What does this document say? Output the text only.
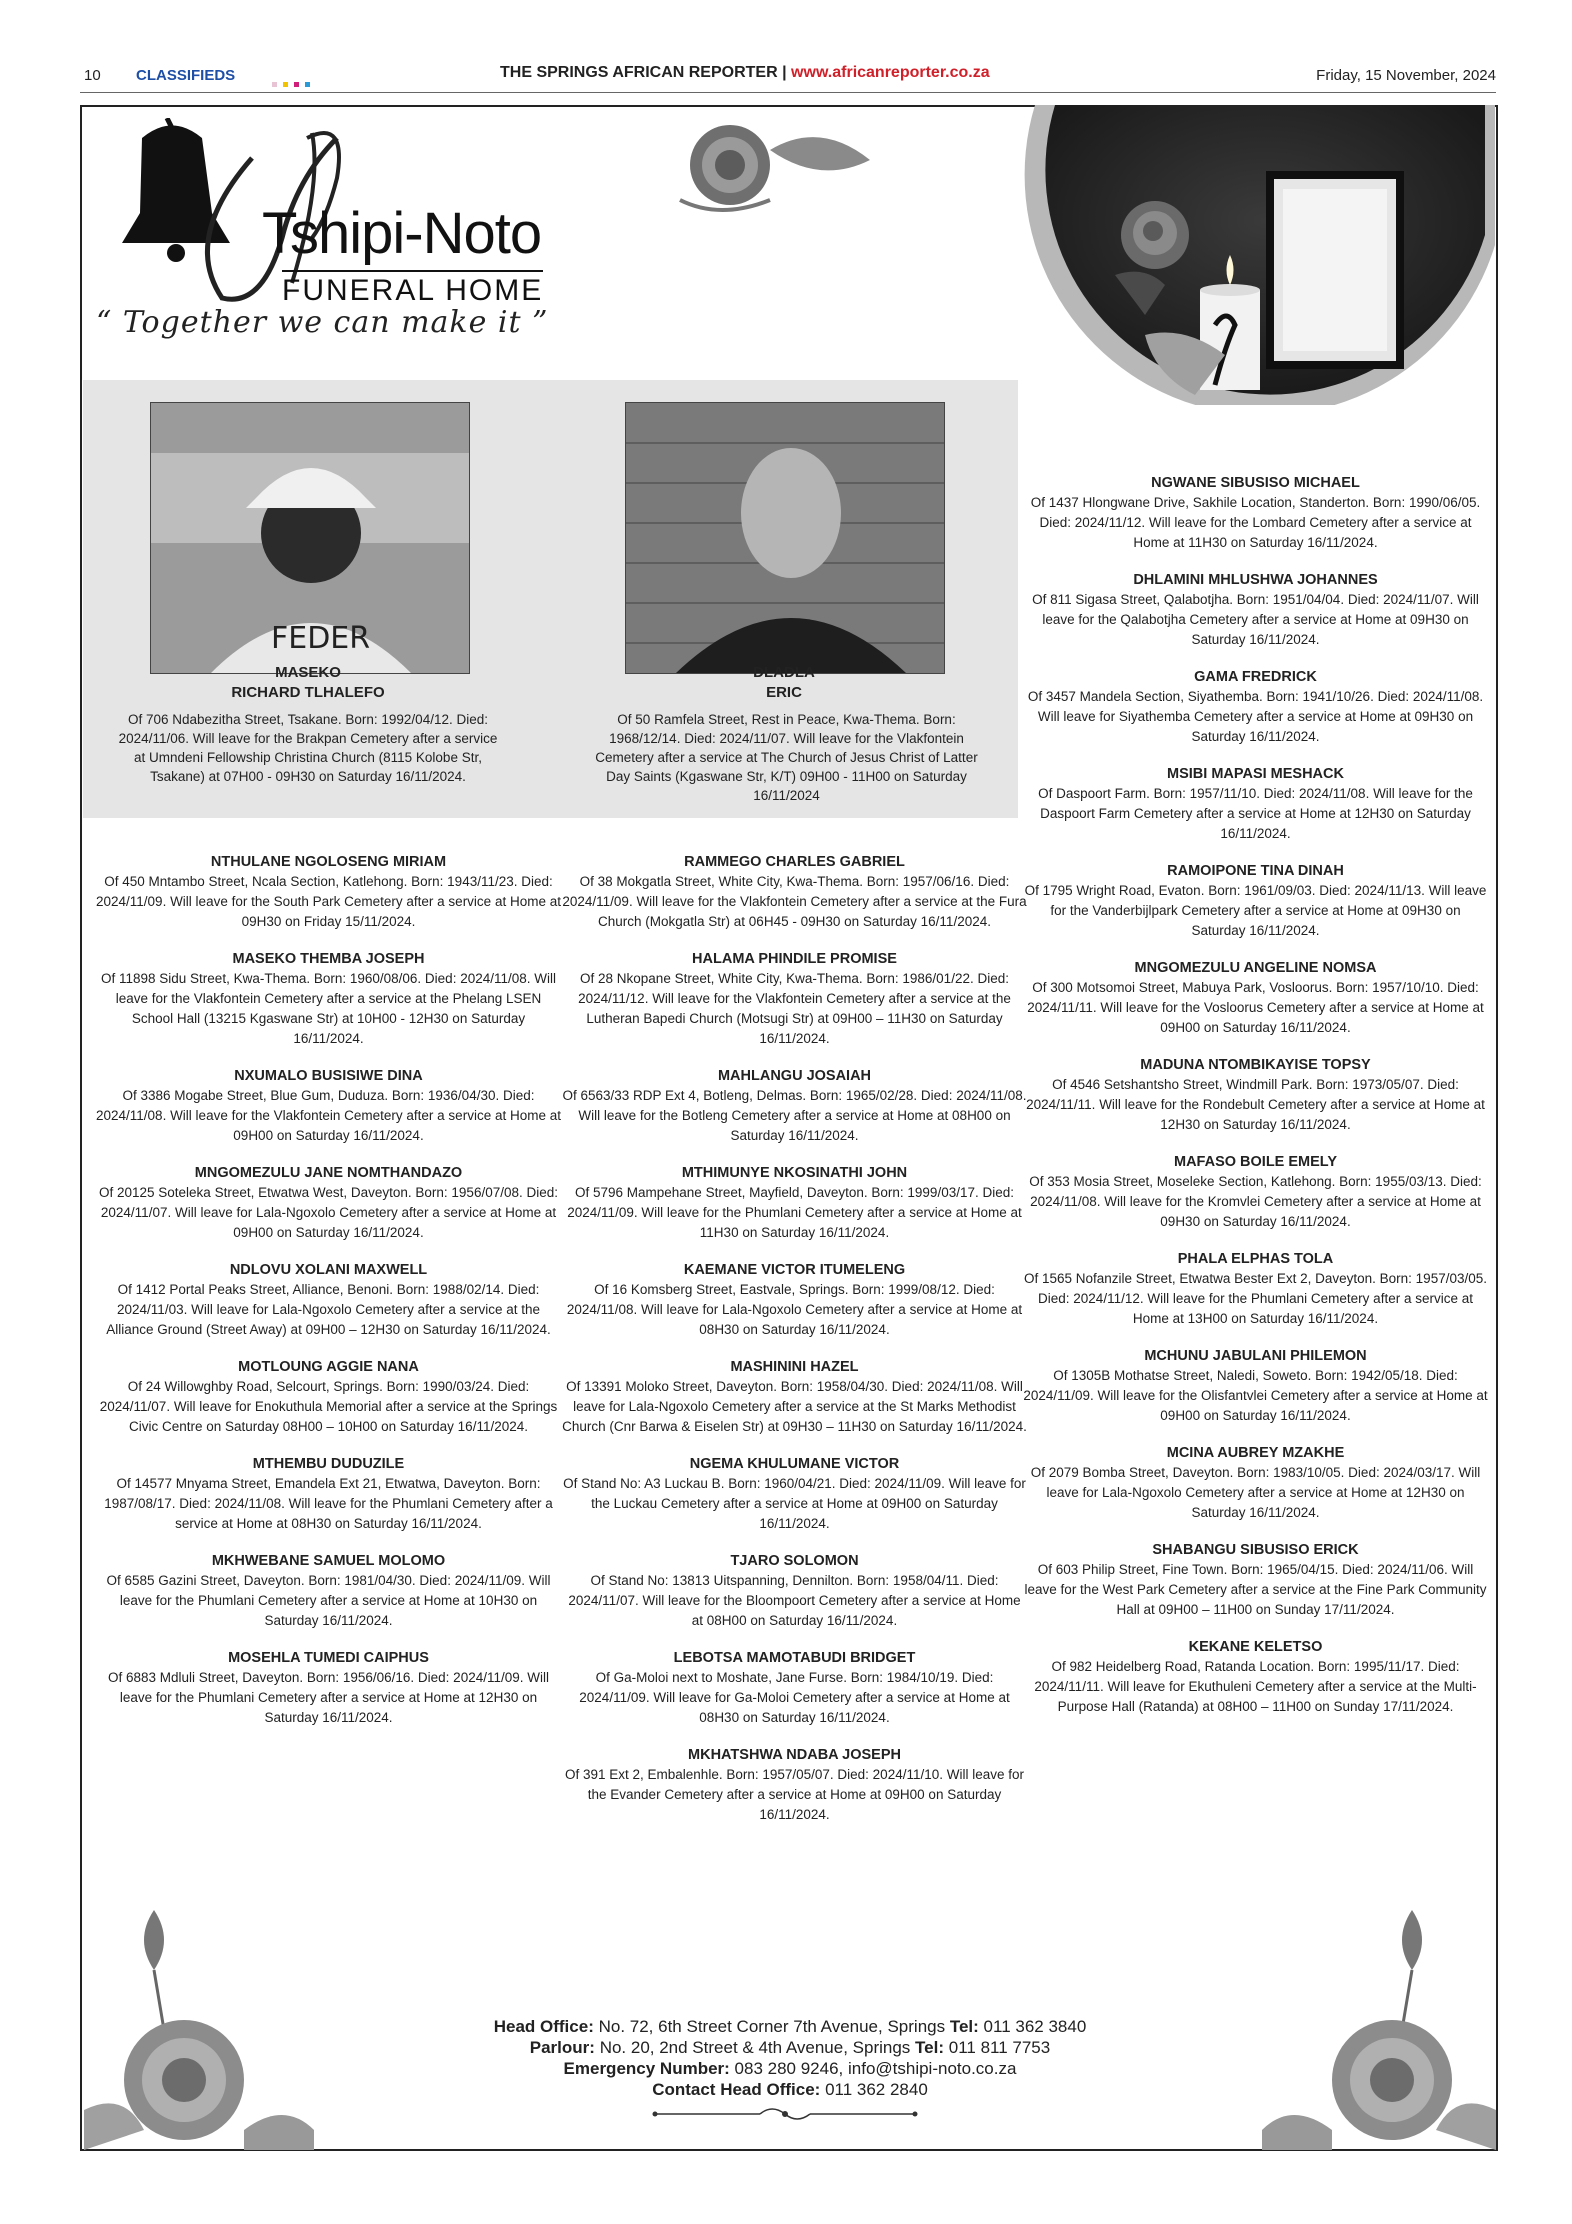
10 CLASSIFIEDS	THE SPRINGS AFRICAN REPORTER | www.africanreporter.co.za	Friday, 15 November, 2024
Tshipi-Noto
FUNERAL HOME
“ Together we can make it ”
FEDER
MASEKO
RICHARD TLHALEFO
Of 706 Ndabezitha Street, Tsakane. Born: 1992/04/12. Died: 2024/11/06. Will leave for the Brakpan Cemetery after a service at Umndeni Fellowship Christina Church (8115 Kolobe Str, Tsakane) at 07H00 - 09H30 on Saturday 16/11/2024.
DLADLA
ERIC
Of 50 Ramfela Street, Rest in Peace, Kwa-Thema. Born: 1968/12/14. Died: 2024/11/07. Will leave for the Vlakfontein Cemetery after a service at The Church of Jesus Christ of Latter Day Saints (Kgaswane Str, K/T) 09H00 - 11H00 on Saturday 16/11/2024
NTHULANE NGOLOSENG MIRIAM
Of 450 Mntambo Street, Ncala Section, Katlehong. Born: 1943/11/23. Died: 2024/11/09. Will leave for the South Park Cemetery after a service at Home at 09H30 on Friday 15/11/2024.
MASEKO THEMBA JOSEPH
Of 11898 Sidu Street, Kwa-Thema. Born: 1960/08/06. Died: 2024/11/08. Will leave for the Vlakfontein Cemetery after a service at the Phelang LSEN School Hall (13215 Kgaswane Str) at 10H00 - 12H30 on Saturday 16/11/2024.
NXUMALO BUSISIWE DINA
Of 3386 Mogabe Street, Blue Gum, Duduza. Born: 1936/04/30. Died: 2024/11/08. Will leave for the Vlakfontein Cemetery after a service at Home at 09H00 on Saturday 16/11/2024.
MNGOMEZULU JANE NOMTHANDAZO
Of 20125 Soteleka Street, Etwatwa West, Daveyton. Born: 1956/07/08. Died: 2024/11/07. Will leave for Lala-Ngoxolo Cemetery after a service at Home at 09H00 on Saturday 16/11/2024.
NDLOVU XOLANI MAXWELL
Of 1412 Portal Peaks Street, Alliance, Benoni. Born: 1988/02/14. Died: 2024/11/03. Will leave for Lala-Ngoxolo Cemetery after a service at the Alliance Ground (Street Away) at 09H00 – 12H30 on Saturday 16/11/2024.
MOTLOUNG AGGIE NANA
Of 24 Willowghby Road, Selcourt, Springs. Born: 1990/03/24. Died: 2024/11/07. Will leave for Enokuthula Memorial after a service at the Springs Civic Centre on Saturday 08H00 – 10H00 on Saturday 16/11/2024.
MTHEMBU DUDUZILE
Of 14577 Mnyama Street, Emandela Ext 21, Etwatwa, Daveyton. Born: 1987/08/17. Died: 2024/11/08. Will leave for the Phumlani Cemetery after a service at Home at 08H30 on Saturday 16/11/2024.
MKHWEBANE SAMUEL MOLOMO
Of 6585 Gazini Street, Daveyton. Born: 1981/04/30. Died: 2024/11/09. Will leave for the Phumlani Cemetery after a service at Home at 10H30 on Saturday 16/11/2024.
MOSEHLA TUMEDI CAIPHUS
Of 6883 Mdluli Street, Daveyton. Born: 1956/06/16. Died: 2024/11/09. Will leave for the Phumlani Cemetery after a service at Home at 12H30 on Saturday 16/11/2024.
RAMMEGO CHARLES GABRIEL
Of 38 Mokgatla Street, White City, Kwa-Thema. Born: 1957/06/16. Died: 2024/11/09. Will leave for the Vlakfontein Cemetery after a service at the Fura Church (Mokgatla Str) at 06H45 - 09H30 on Saturday 16/11/2024.
HALAMA PHINDILE PROMISE
Of 28 Nkopane Street, White City, Kwa-Thema. Born: 1986/01/22. Died: 2024/11/12. Will leave for the Vlakfontein Cemetery after a service at the Lutheran Bapedi Church (Motsugi Str) at 09H00 – 11H30 on Saturday 16/11/2024.
MAHLANGU JOSAIAH
Of 6563/33 RDP Ext 4, Botleng, Delmas. Born: 1965/02/28. Died: 2024/11/08. Will leave for the Botleng Cemetery after a service at Home at 08H00 on Saturday 16/11/2024.
MTHIMUNYE NKOSINATHI JOHN
Of 5796 Mampehane Street, Mayfield, Daveyton. Born: 1999/03/17. Died: 2024/11/09. Will leave for the Phumlani Cemetery after a service at Home at 11H30 on Saturday 16/11/2024.
KAEMANE VICTOR ITUMELENG
Of 16 Komsberg Street, Eastvale, Springs. Born: 1999/08/12. Died: 2024/11/08. Will leave for Lala-Ngoxolo Cemetery after a service at Home at 08H30 on Saturday 16/11/2024.
MASHININI HAZEL
Of 13391 Moloko Street, Daveyton. Born: 1958/04/30. Died: 2024/11/08. Will leave for Lala-Ngoxolo Cemetery after a service at the St Marks Methodist Church (Cnr Barwa & Eiselen Str) at 09H30 – 11H30 on Saturday 16/11/2024.
NGEMA KHULUMANE VICTOR
Of Stand No: A3 Luckau B. Born: 1960/04/21. Died: 2024/11/09. Will leave for the Luckau Cemetery after a service at Home at 09H00 on Saturday 16/11/2024.
TJARO SOLOMON
Of Stand No: 13813 Uitspanning, Dennilton. Born: 1958/04/11. Died: 2024/11/07. Will leave for the Bloompoort Cemetery after a service at Home at 08H00 on Saturday 16/11/2024.
LEBOTSA MAMOTABUDI BRIDGET
Of Ga-Moloi next to Moshate, Jane Furse. Born: 1984/10/19. Died: 2024/11/09. Will leave for Ga-Moloi Cemetery after a service at Home at 08H30 on Saturday 16/11/2024.
MKHATSHWA NDABA JOSEPH
Of 391 Ext 2, Embalenhle. Born: 1957/05/07. Died: 2024/11/10. Will leave for the Evander Cemetery after a service at Home at 09H00 on Saturday 16/11/2024.
NGWANE SIBUSISO MICHAEL
Of 1437 Hlongwane Drive, Sakhile Location, Standerton. Born: 1990/06/05. Died: 2024/11/12. Will leave for the Lombard Cemetery after a service at Home at 11H30 on Saturday 16/11/2024.
DHLAMINI MHLUSHWA JOHANNES
Of 811 Sigasa Street, Qalabotjha. Born: 1951/04/04. Died: 2024/11/07. Will leave for the Qalabotjha Cemetery after a service at Home at 09H30 on Saturday 16/11/2024.
GAMA FREDRICK
Of 3457 Mandela Section, Siyathemba. Born: 1941/10/26. Died: 2024/11/08. Will leave for Siyathemba Cemetery after a service at Home at 09H30 on Saturday 16/11/2024.
MSIBI MAPASI MESHACK
Of Daspoort Farm. Born: 1957/11/10. Died: 2024/11/08. Will leave for the Daspoort Farm Cemetery after a service at Home at 12H30 on Saturday 16/11/2024.
RAMOIPONE TINA DINAH
Of 1795 Wright Road, Evaton. Born: 1961/09/03. Died: 2024/11/13. Will leave for the Vanderbijlpark Cemetery after a service at Home at 09H30 on Saturday 16/11/2024.
MNGOMEZULU ANGELINE NOMSA
Of 300 Motsomoi Street, Mabuya Park, Vosloorus. Born: 1957/10/10. Died: 2024/11/11. Will leave for the Vosloorus Cemetery after a service at Home at 09H00 on Saturday 16/11/2024.
MADUNA NTOMBIKAYISE TOPSY
Of 4546 Setshantsho Street, Windmill Park. Born: 1973/05/07. Died: 2024/11/11. Will leave for the Rondebult Cemetery after a service at Home at 12H30 on Saturday 16/11/2024.
MAFASO BOILE EMELY
Of 353 Mosia Street, Moseleke Section, Katlehong. Born: 1955/03/13. Died: 2024/11/08. Will leave for the Kromvlei Cemetery after a service at Home at 09H30 on Saturday 16/11/2024.
PHALA ELPHAS TOLA
Of 1565 Nofanzile Street, Etwatwa Bester Ext 2, Daveyton. Born: 1957/03/05. Died: 2024/11/12. Will leave for the Phumlani Cemetery after a service at Home at 13H00 on Saturday 16/11/2024.
MCHUNU JABULANI PHILEMON
Of 1305B Mothatse Street, Naledi, Soweto. Born: 1942/05/18. Died: 2024/11/09. Will leave for the Olisfantvlei Cemetery after a service at Home at 09H00 on Saturday 16/11/2024.
MCINA AUBREY MZAKHE
Of 2079 Bomba Street, Daveyton. Born: 1983/10/05. Died: 2024/03/17. Will leave for Lala-Ngoxolo Cemetery after a service at Home at 12H30 on Saturday 16/11/2024.
SHABANGU SIBUSISO ERICK
Of 603 Philip Street, Fine Town. Born: 1965/04/15. Died: 2024/11/06. Will leave for the West Park Cemetery after a service at the Fine Park Community Hall at 09H00 – 11H00 on Sunday 17/11/2024.
KEKANE KELETSO
Of 982 Heidelberg Road, Ratanda Location. Born: 1995/11/17. Died: 2024/11/11. Will leave for Ekuthuleni Cemetery after a service at the Multi-Purpose Hall (Ratanda) at 08H00 – 11H00 on Sunday 17/11/2024.
Head Office: No. 72, 6th Street Corner 7th Avenue, Springs Tel: 011 362 3840
Parlour: No. 20, 2nd Street & 4th Avenue, Springs Tel: 011 811 7753
Emergency Number: 083 280 9246, info@tshipi-noto.co.za
Contact Head Office: 011 362 2840
